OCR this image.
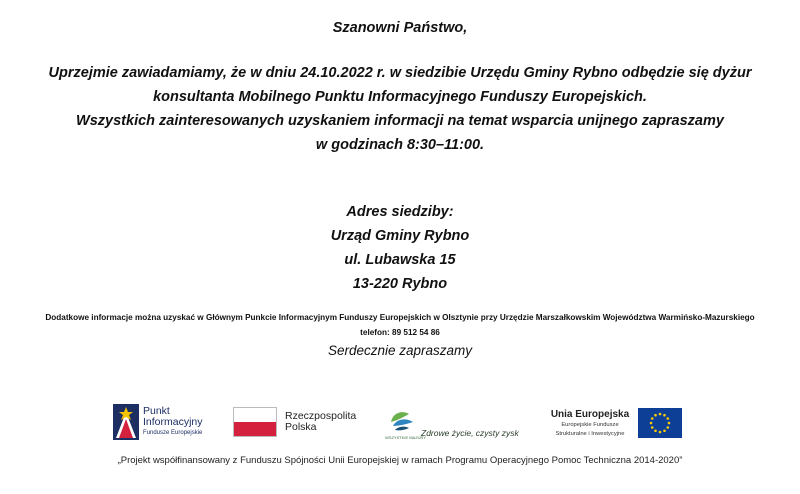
Szanowni Państwo,
Uprzejmie zawiadamiamy, że w dniu 24.10.2022 r. w siedzibie Urzędu Gminy Rybno odbędzie się dyżur
konsultanta Mobilnego Punktu Informacyjnego Funduszy Europejskich.
Wszystkich zainteresowanych uzyskaniem informacji na temat wsparcia unijnego zapraszamy
w godzinach 8:30–11:00.
Adres siedziby:
Urząd Gminy Rybno
ul. Lubawska 15
13-220 Rybno
Dodatkowe informacje można uzyskać w Głównym Punkcie Informacyjnym Funduszy Europejskich w Olsztynie przy Urzędzie Marszałkowskim Województwa Warmińsko-Mazurskiego
telefon: 89 512 54 86
Serdecznie zapraszamy
Punkt
Informacyjny
Fundusze Europejskie
Rzeczpospolita
Polska
WSZYSTKIE MAZURY
Zdrowe życie, czysty zysk
Unia Europejska
Europejskie Fundusze
Strukturalne i Inwestycyjne
„Projekt współfinansowany z Funduszu Spójności Unii Europejskiej w ramach Programu Operacyjnego Pomoc Techniczna 2014-2020”
